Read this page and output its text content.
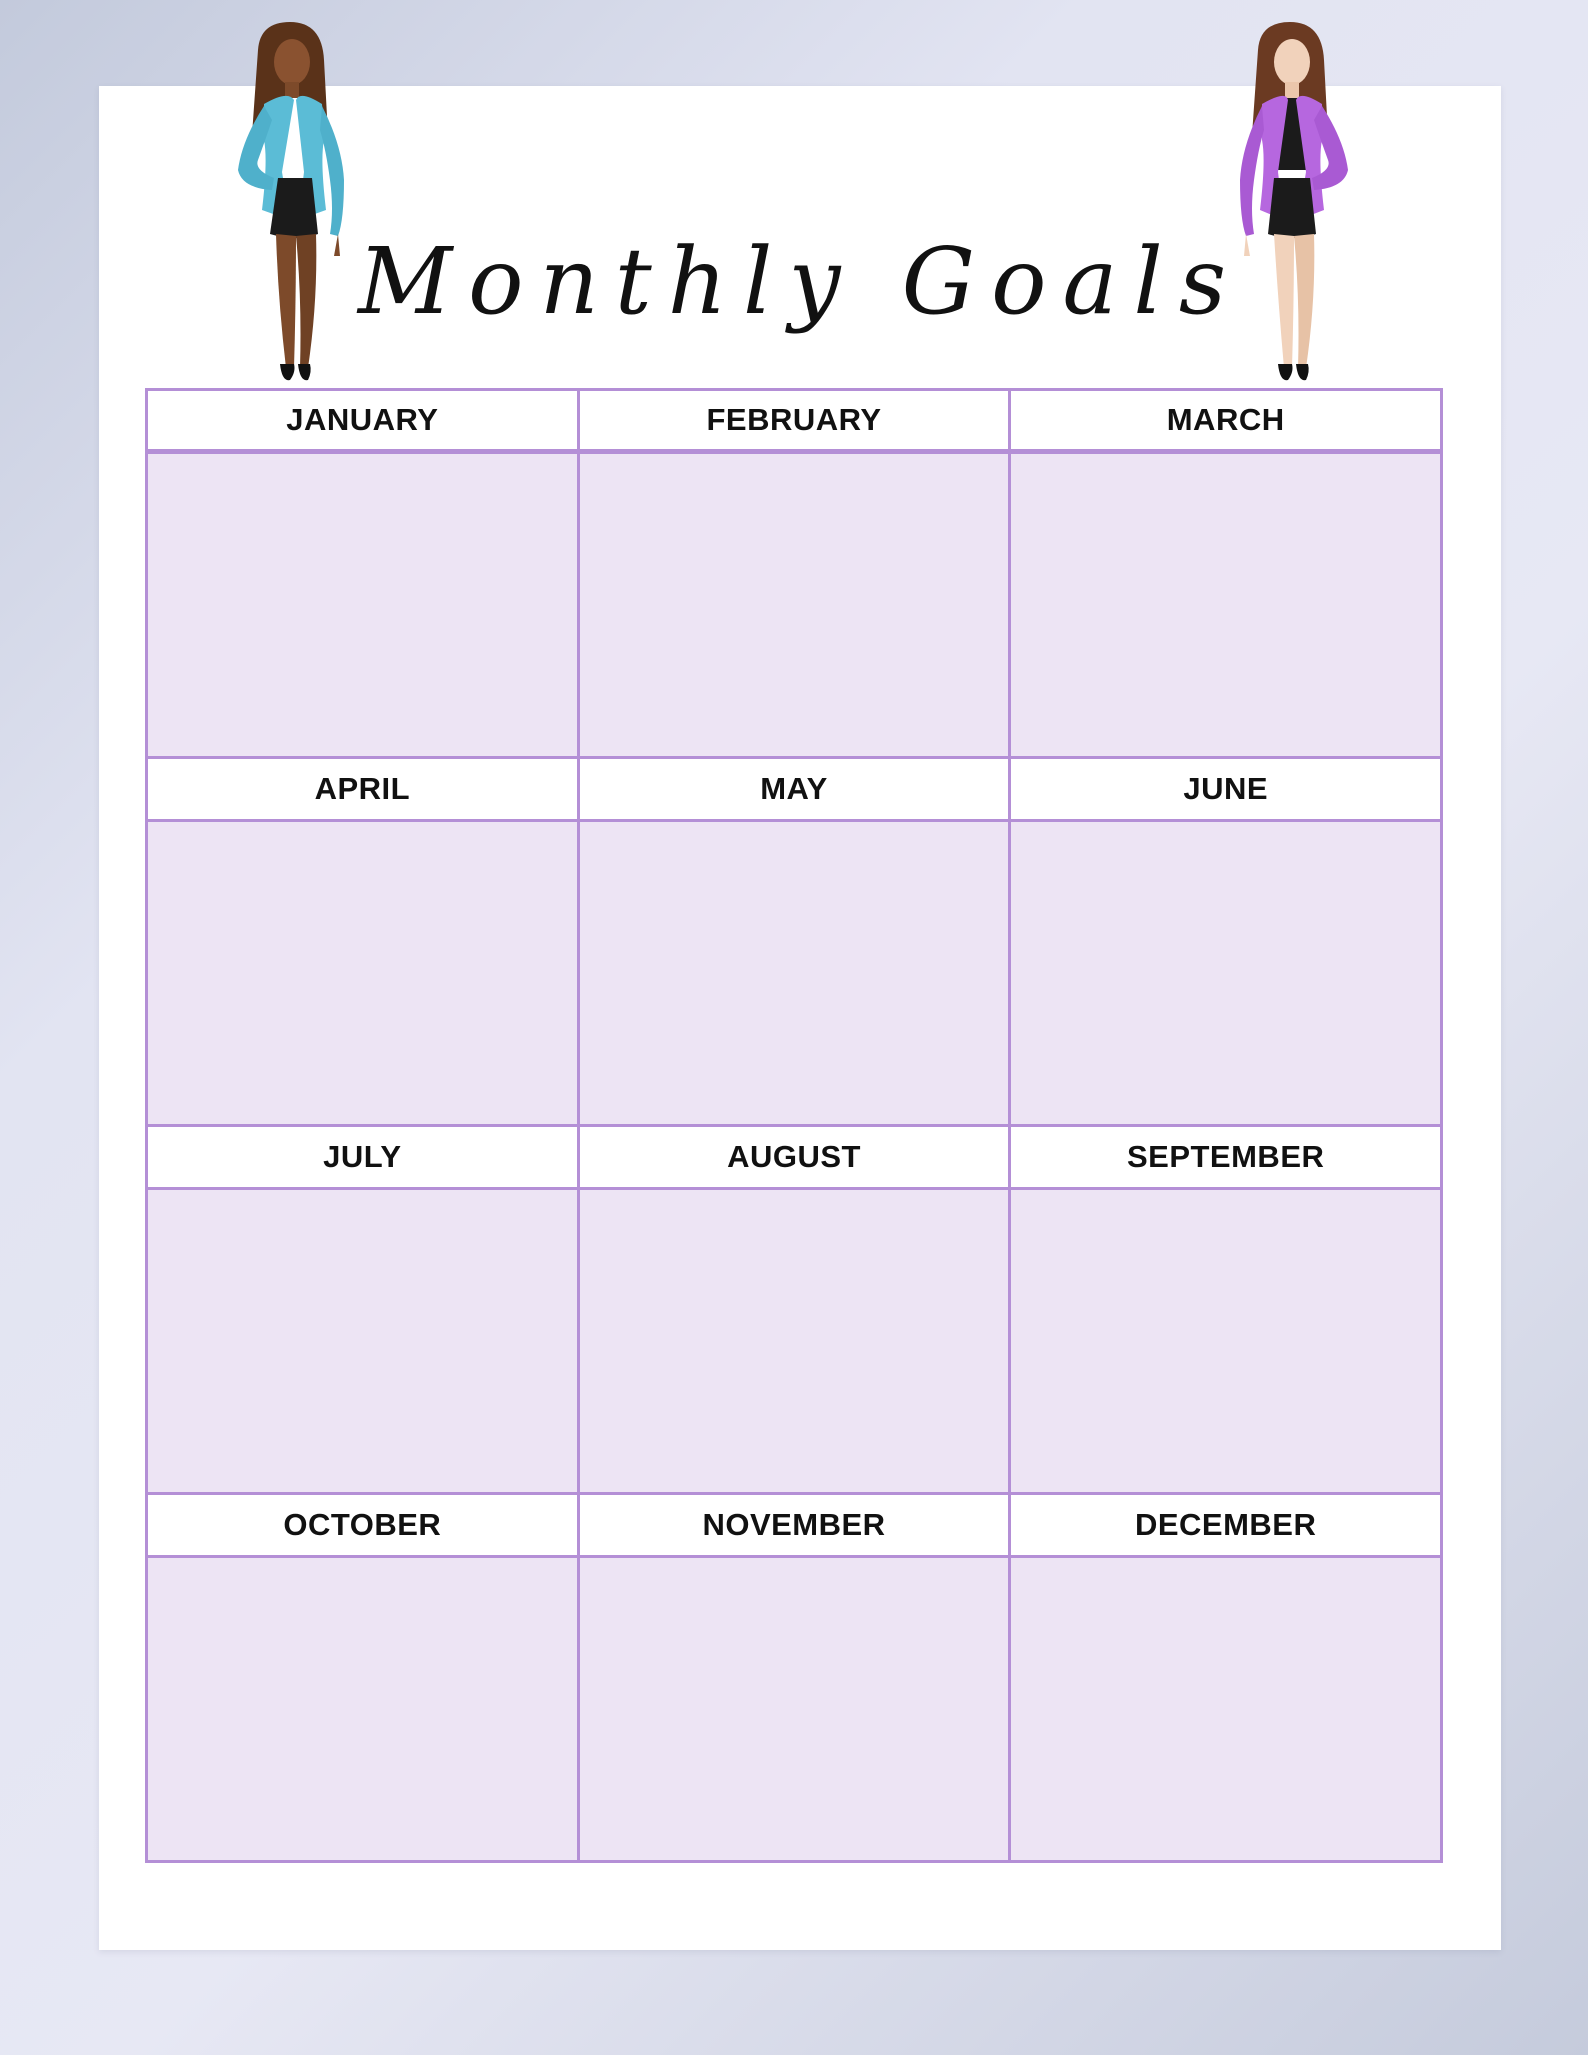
Monthly Goals
JANUARY	FEBRUARY	MARCH
APRIL	MAY	JUNE
JULY	AUGUST	SEPTEMBER
OCTOBER	NOVEMBER	DECEMBER
